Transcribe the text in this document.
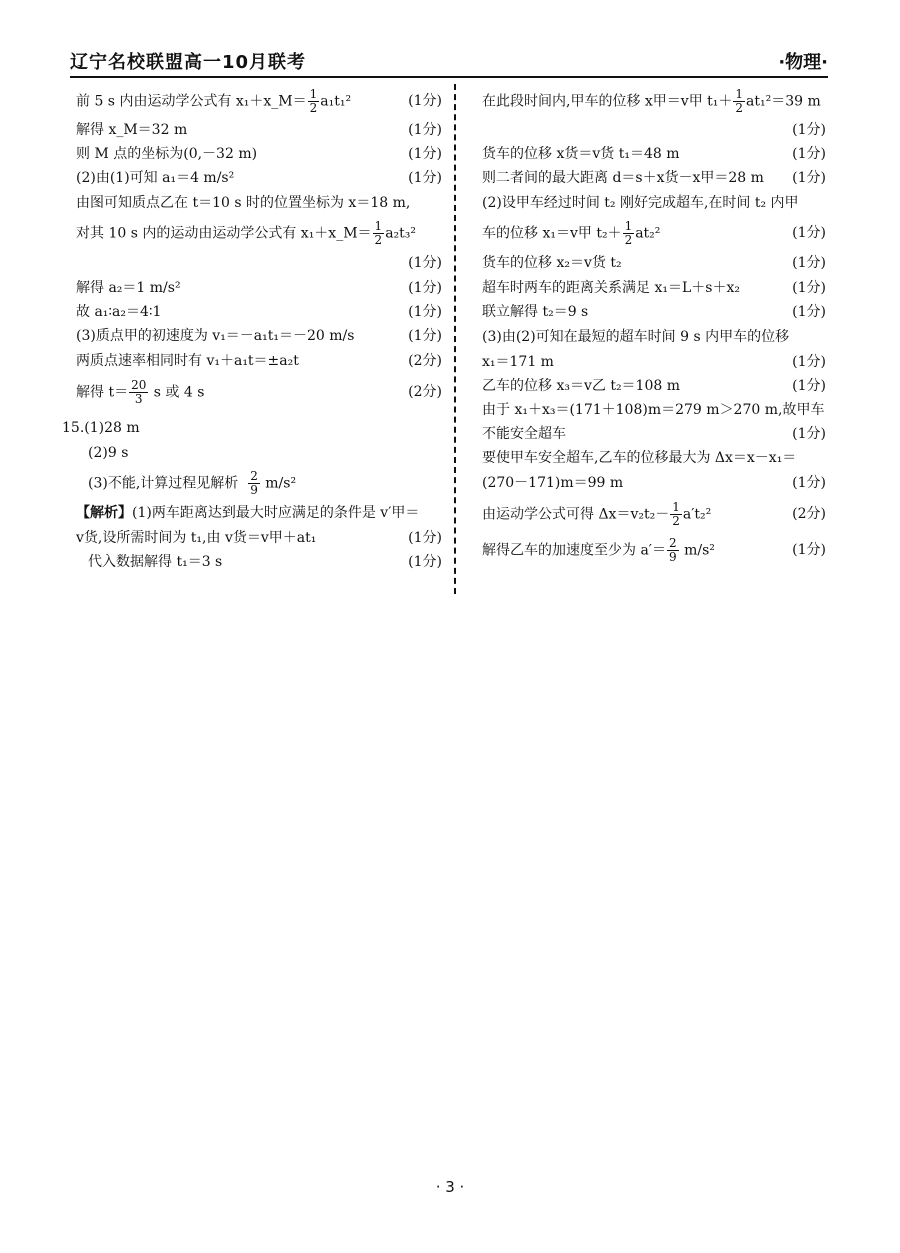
辽宁名校联盟高一10月联考	·物理·
前 5 s 内由运动学公式有 x₁＋x_M＝ $\frac{1}{2} a_1t_1^2$	(1分)
解得 x_M＝32 m	(1分)
则 M 点的坐标为(0,－32 m)	(1分)
(2)由(1)可知 a₁＝4 m/s²	(1分)
由图可知质点乙在 t＝10 s 时的位置坐标为 x＝18 m,
对其 10 s 内的运动由运动学公式有 x₁＋x_M＝ $\frac{1}{2} a_2t_3^2$
(1分)
解得 a₂＝1 m/s²	(1分)
故 a₁∶a₂＝4∶1	(1分)
(3)质点甲的初速度为 v₁＝－a₁t₁＝－20 m/s	(1分)
两质点速率相同时有 v₁＋a₁t＝±a₂t	(2分)
解得 $t= \frac{20}{3}$ s 或 4 s	(2分)
15.(1)28 m
(2)9 s
(3)不能,计算过程见解析 $\frac{2}{9} m/s^2$
【解析】(1)两车距离达到最大时应满足的条件是 v′甲＝
v货,设所需时间为 t₁,由 v货＝v甲＋at₁	(1分)
代入数据解得 t₁＝3 s	(1分)
在此段时间内,甲车的位移 x甲＝v甲 $t_1+ \frac{1}{2} at_1^2=39$ m
(1分)
货车的位移 x货＝v货 t₁＝48 m	(1分)
则二者间的最大距离 d＝s＋x货－x甲＝28 m	(1分)
(2)设甲车经过时间 t₂ 刚好完成超车,在时间 t₂ 内甲
车的位移 x₁＝v甲 $t_2+ \frac{1}{2} at_2^2$	(1分)
货车的位移 x₂＝v货 t₂	(1分)
超车时两车的距离关系满足 x₁＝L＋s＋x₂	(1分)
联立解得 t₂＝9 s	(1分)
(3)由(2)可知在最短的超车时间 9 s 内甲车的位移
x₁＝171 m	(1分)
乙车的位移 x₃＝v乙 t₂＝108 m	(1分)
由于 x₁＋x₃＝(171＋108)m＝279 m＞270 m,故甲车
不能安全超车	(1分)
要使甲车安全超车,乙车的位移最大为 Δx＝x－x₁＝
(270－171)m＝99 m	(1分)
由运动学公式可得 $\Delta x=v_2t_2- \frac{1}{2} a't_2^2$	(2分)
解得乙车的加速度至少为 $a'= \frac{2}{9} m/s^2$	(1分)
· 3 ·
